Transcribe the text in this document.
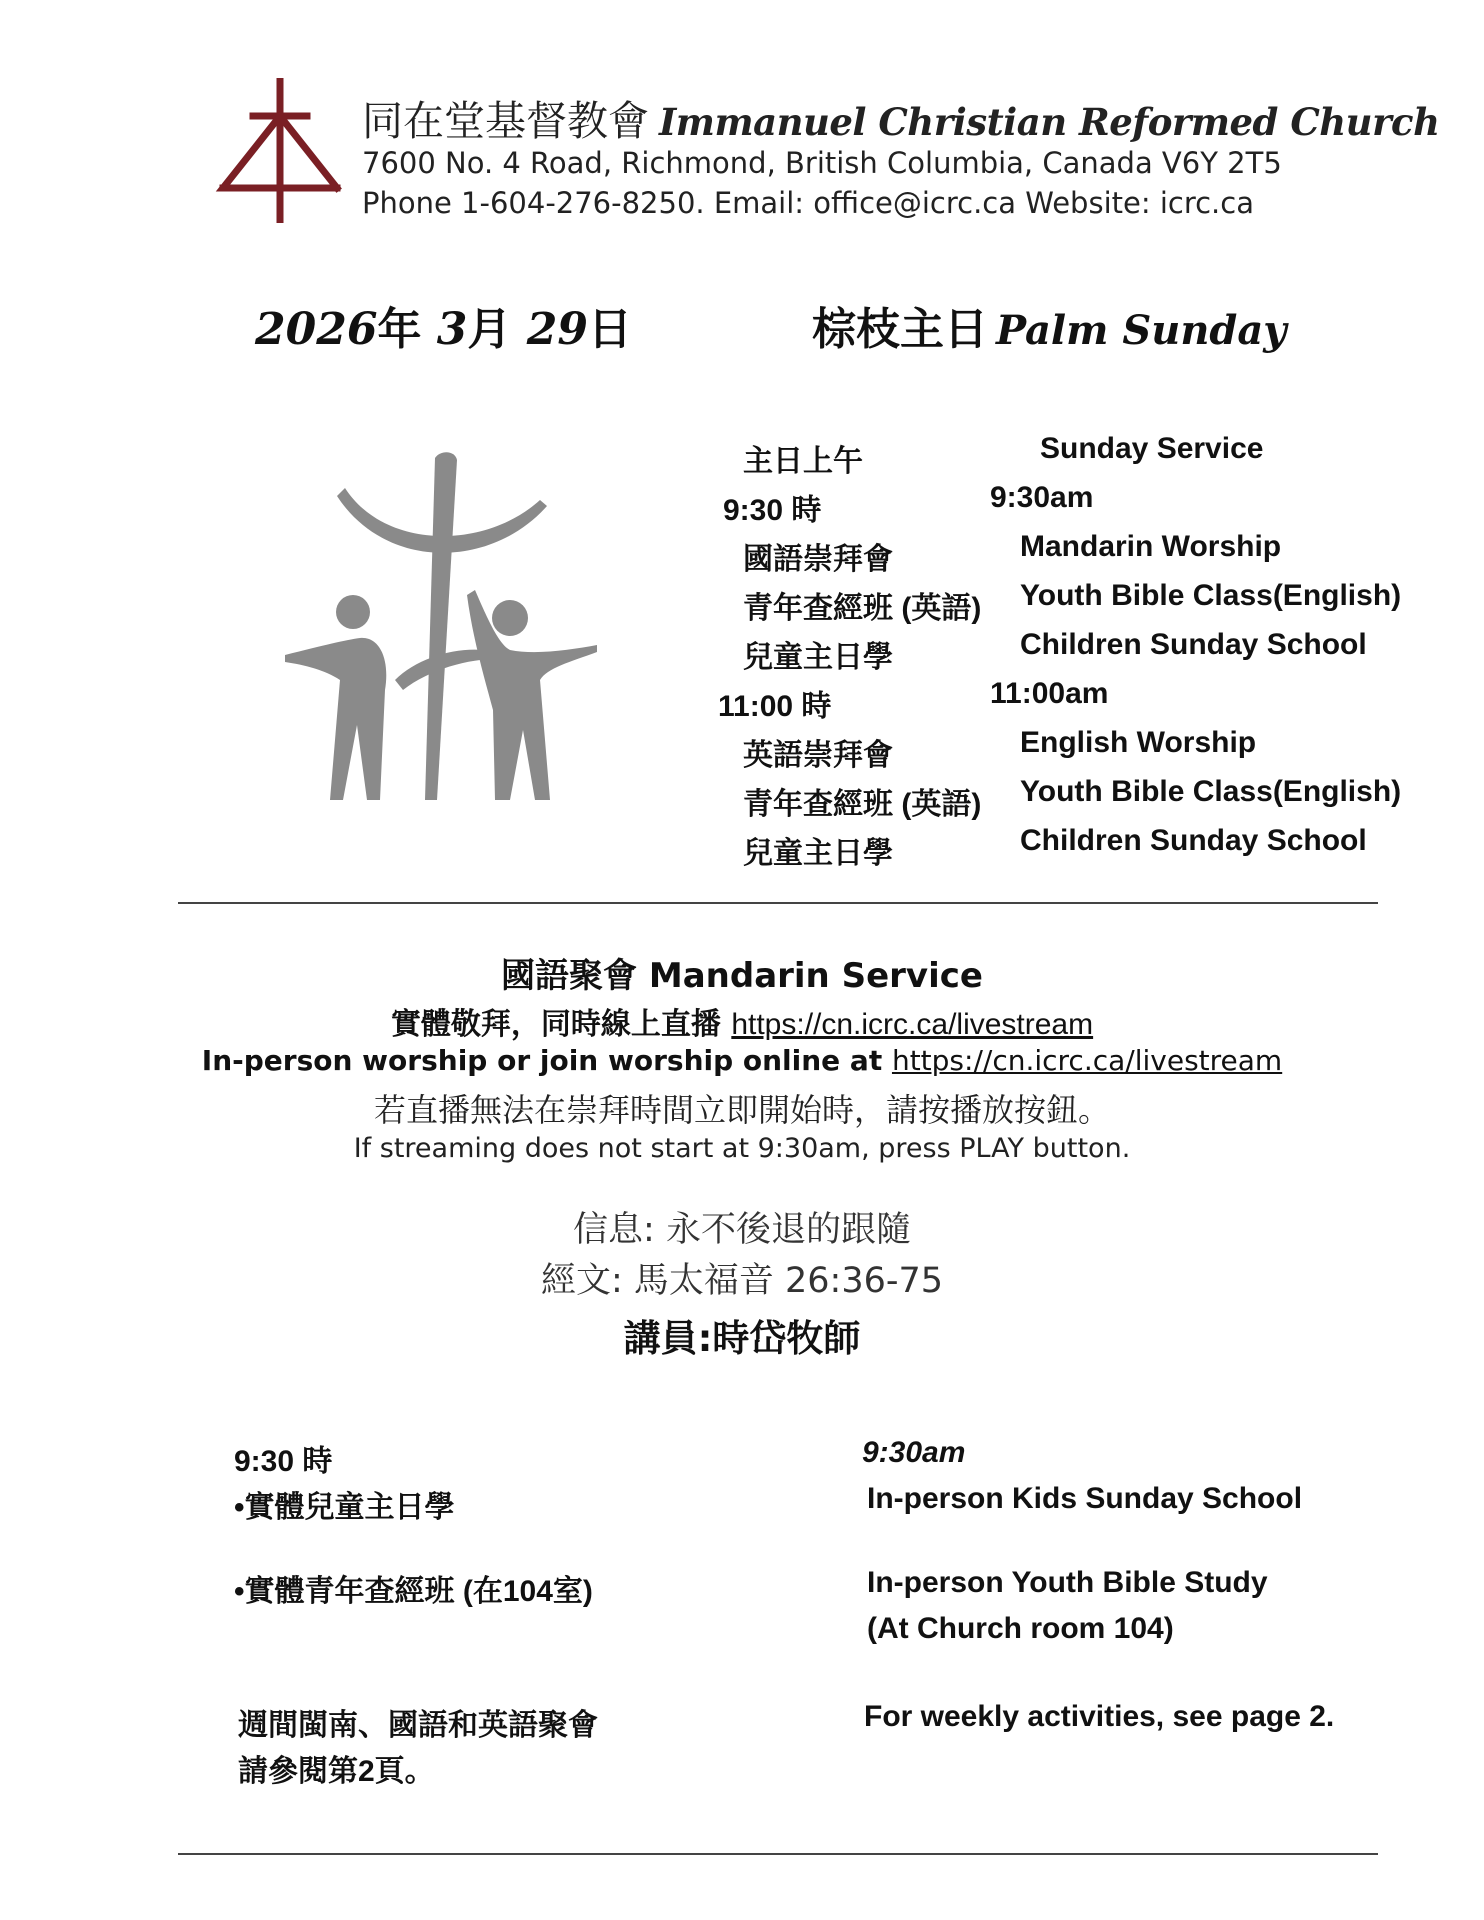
同在堂基督教會 Immanuel Christian Reformed Church
7600 No. 4 Road, Richmond, British Columbia, Canada V6Y 2T5
Phone 1-604-276-8250. Email: office@icrc.ca Website: icrc.ca
2026年 3月 29日	棕枝主日 Palm Sunday
主日上午	Sunday Service
9:30 時	9:30am
國語崇拜會	Mandarin Worship
青年查經班 (英語) Youth Bible Class(English)
兒童主日學	Children Sunday School
11:00 時	11:00am
英語崇拜會	English Worship
青年查經班 (英語) Youth Bible Class(English)
兒童主日學	Children Sunday School
國語聚會 Mandarin Service
實體敬拜，同時線上直播 https://cn.icrc.ca/livestream
In-person worship or join worship online at https://cn.icrc.ca/livestream
若直播無法在崇拜時間立即開始時，請按播放按鈕。
If streaming does not start at 9:30am, press PLAY button.
信息: 永不後退的跟隨
經文: 馬太福音 26:36-75
講員:時岱牧師
9:30 時	9:30am
•實體兒童主日學	In-person Kids Sunday School
•實體青年查經班 (在104室)	In-person Youth Bible Study
(At Church room 104)
週間閩南、國語和英語聚會
請參閱第2頁。
For weekly activities, see page 2.
